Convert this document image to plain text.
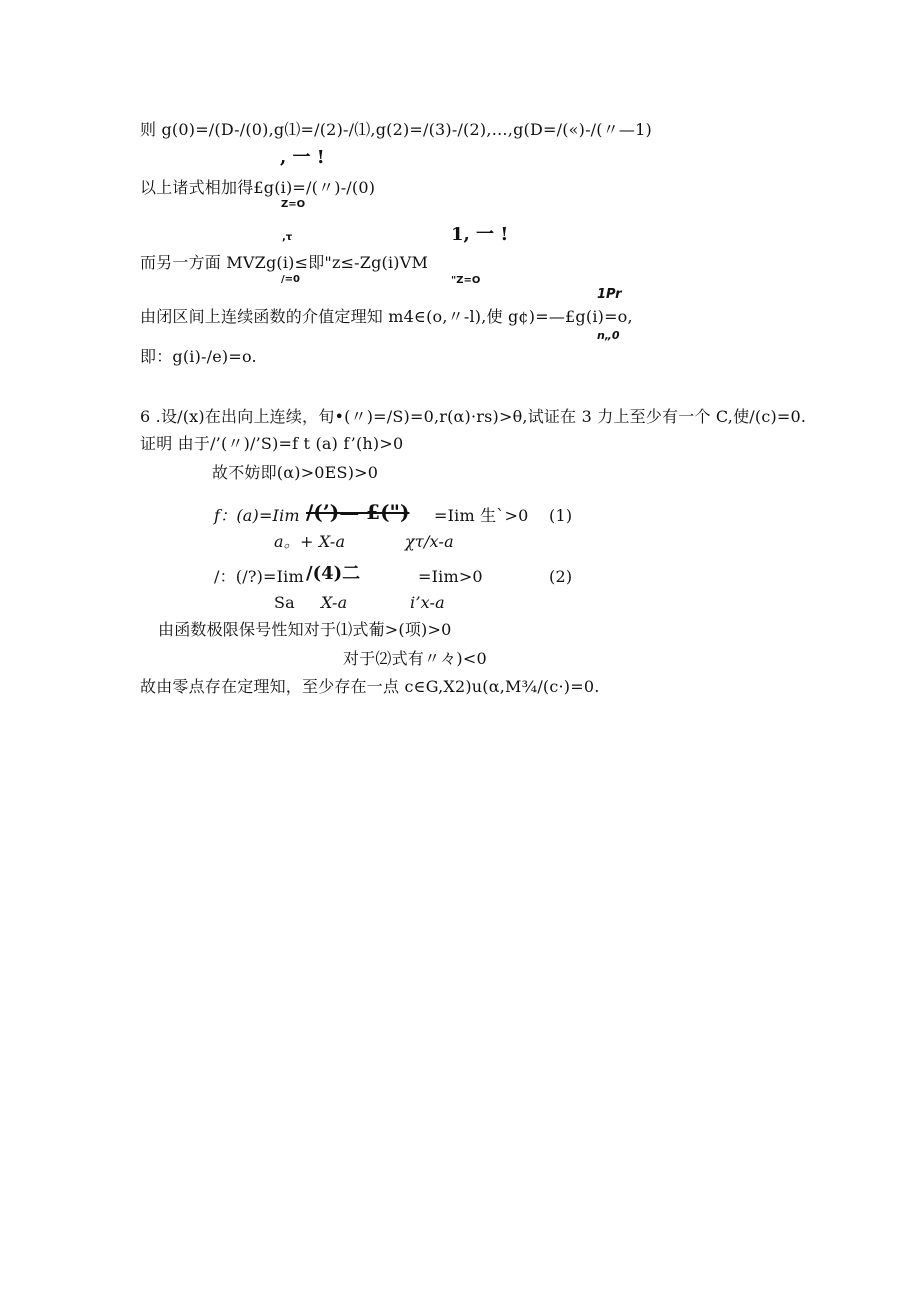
则 g(0)=/(D-/(0),g⑴=/(2)-/⑴,g(2)=/(3)-/(2),…,g(D=/(«)-/(〃—1)
, 一 !
以上诸式相加得£g(i)=/(〃)-/(0)
Z=O
,τ	1, 一 !
而另一方面 MVZg(i)≤即"z≤-Zg(i)VM
/=0	"Z=O
1Pr
由闭区间上连续函数的介值定理知 m4∈(o,〃-l),使 g¢)=—£g(i)=o,
n„0
即：g(i)-∕e)=o.
6 .设/(x)在出向上连续，旬•(〃)=/S)=0,r(α)·rs)>θ,试证在 3 力上至少有一个 C,使∕(c)=0.
证明 由于/’(〃)/’S)=f t (a) f’(h)>0
故不妨即(α)>0ES)>0
f：(a)=Iim ∕(’)— £(") =Iim 生`>0 (1)
a。+ X-a	χτ∕x-a
/：(/?)=Iim ∕(4)二	=Iim>0	(2)
Sa X-a	i’x-a
由函数极限保号性知对于⑴式葡>(项)>0
对于⑵式有〃々)<0
故由零点存在定理知，至少存在一点 c∈G,X2)u(α,M¾∕(c·)=0.
